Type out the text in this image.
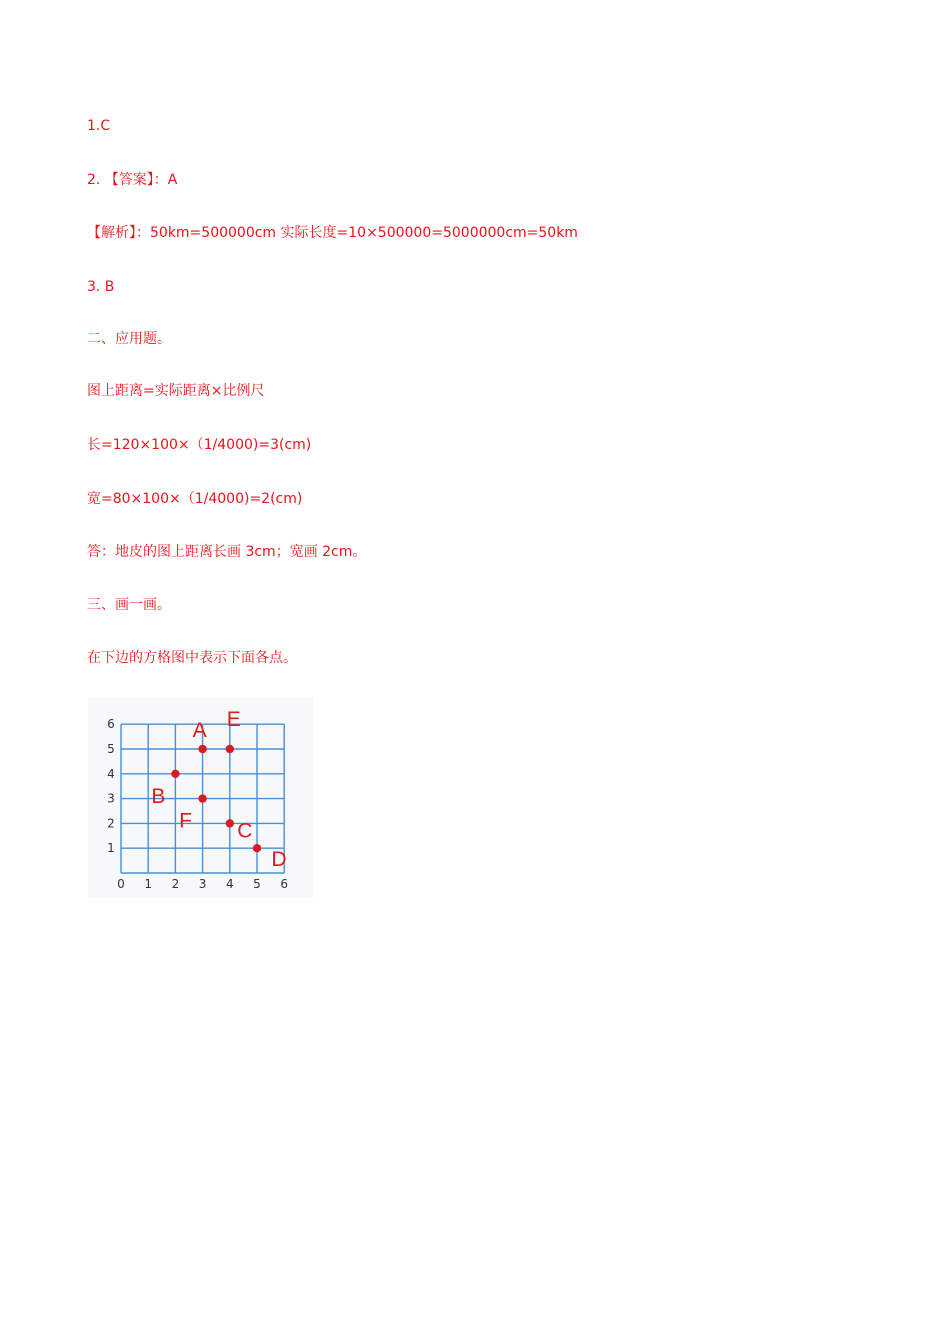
1.C
2. 【答案】：A
【解析】：50km=500000cm 实际长度=10×500000=5000000cm=50km
3. B
二、应用题。
图上距离=实际距离×比例尺
长=120×100×（1/4000)=3(cm)
宽=80×100×（1/4000)=2(cm)
答：地皮的图上距离长画 3cm；宽画 2cm。
三、画一画。
在下边的方格图中表示下面各点。
0 1 2 3 4 5 6
1
2
3
4
5
6	A E
B
F C
D
